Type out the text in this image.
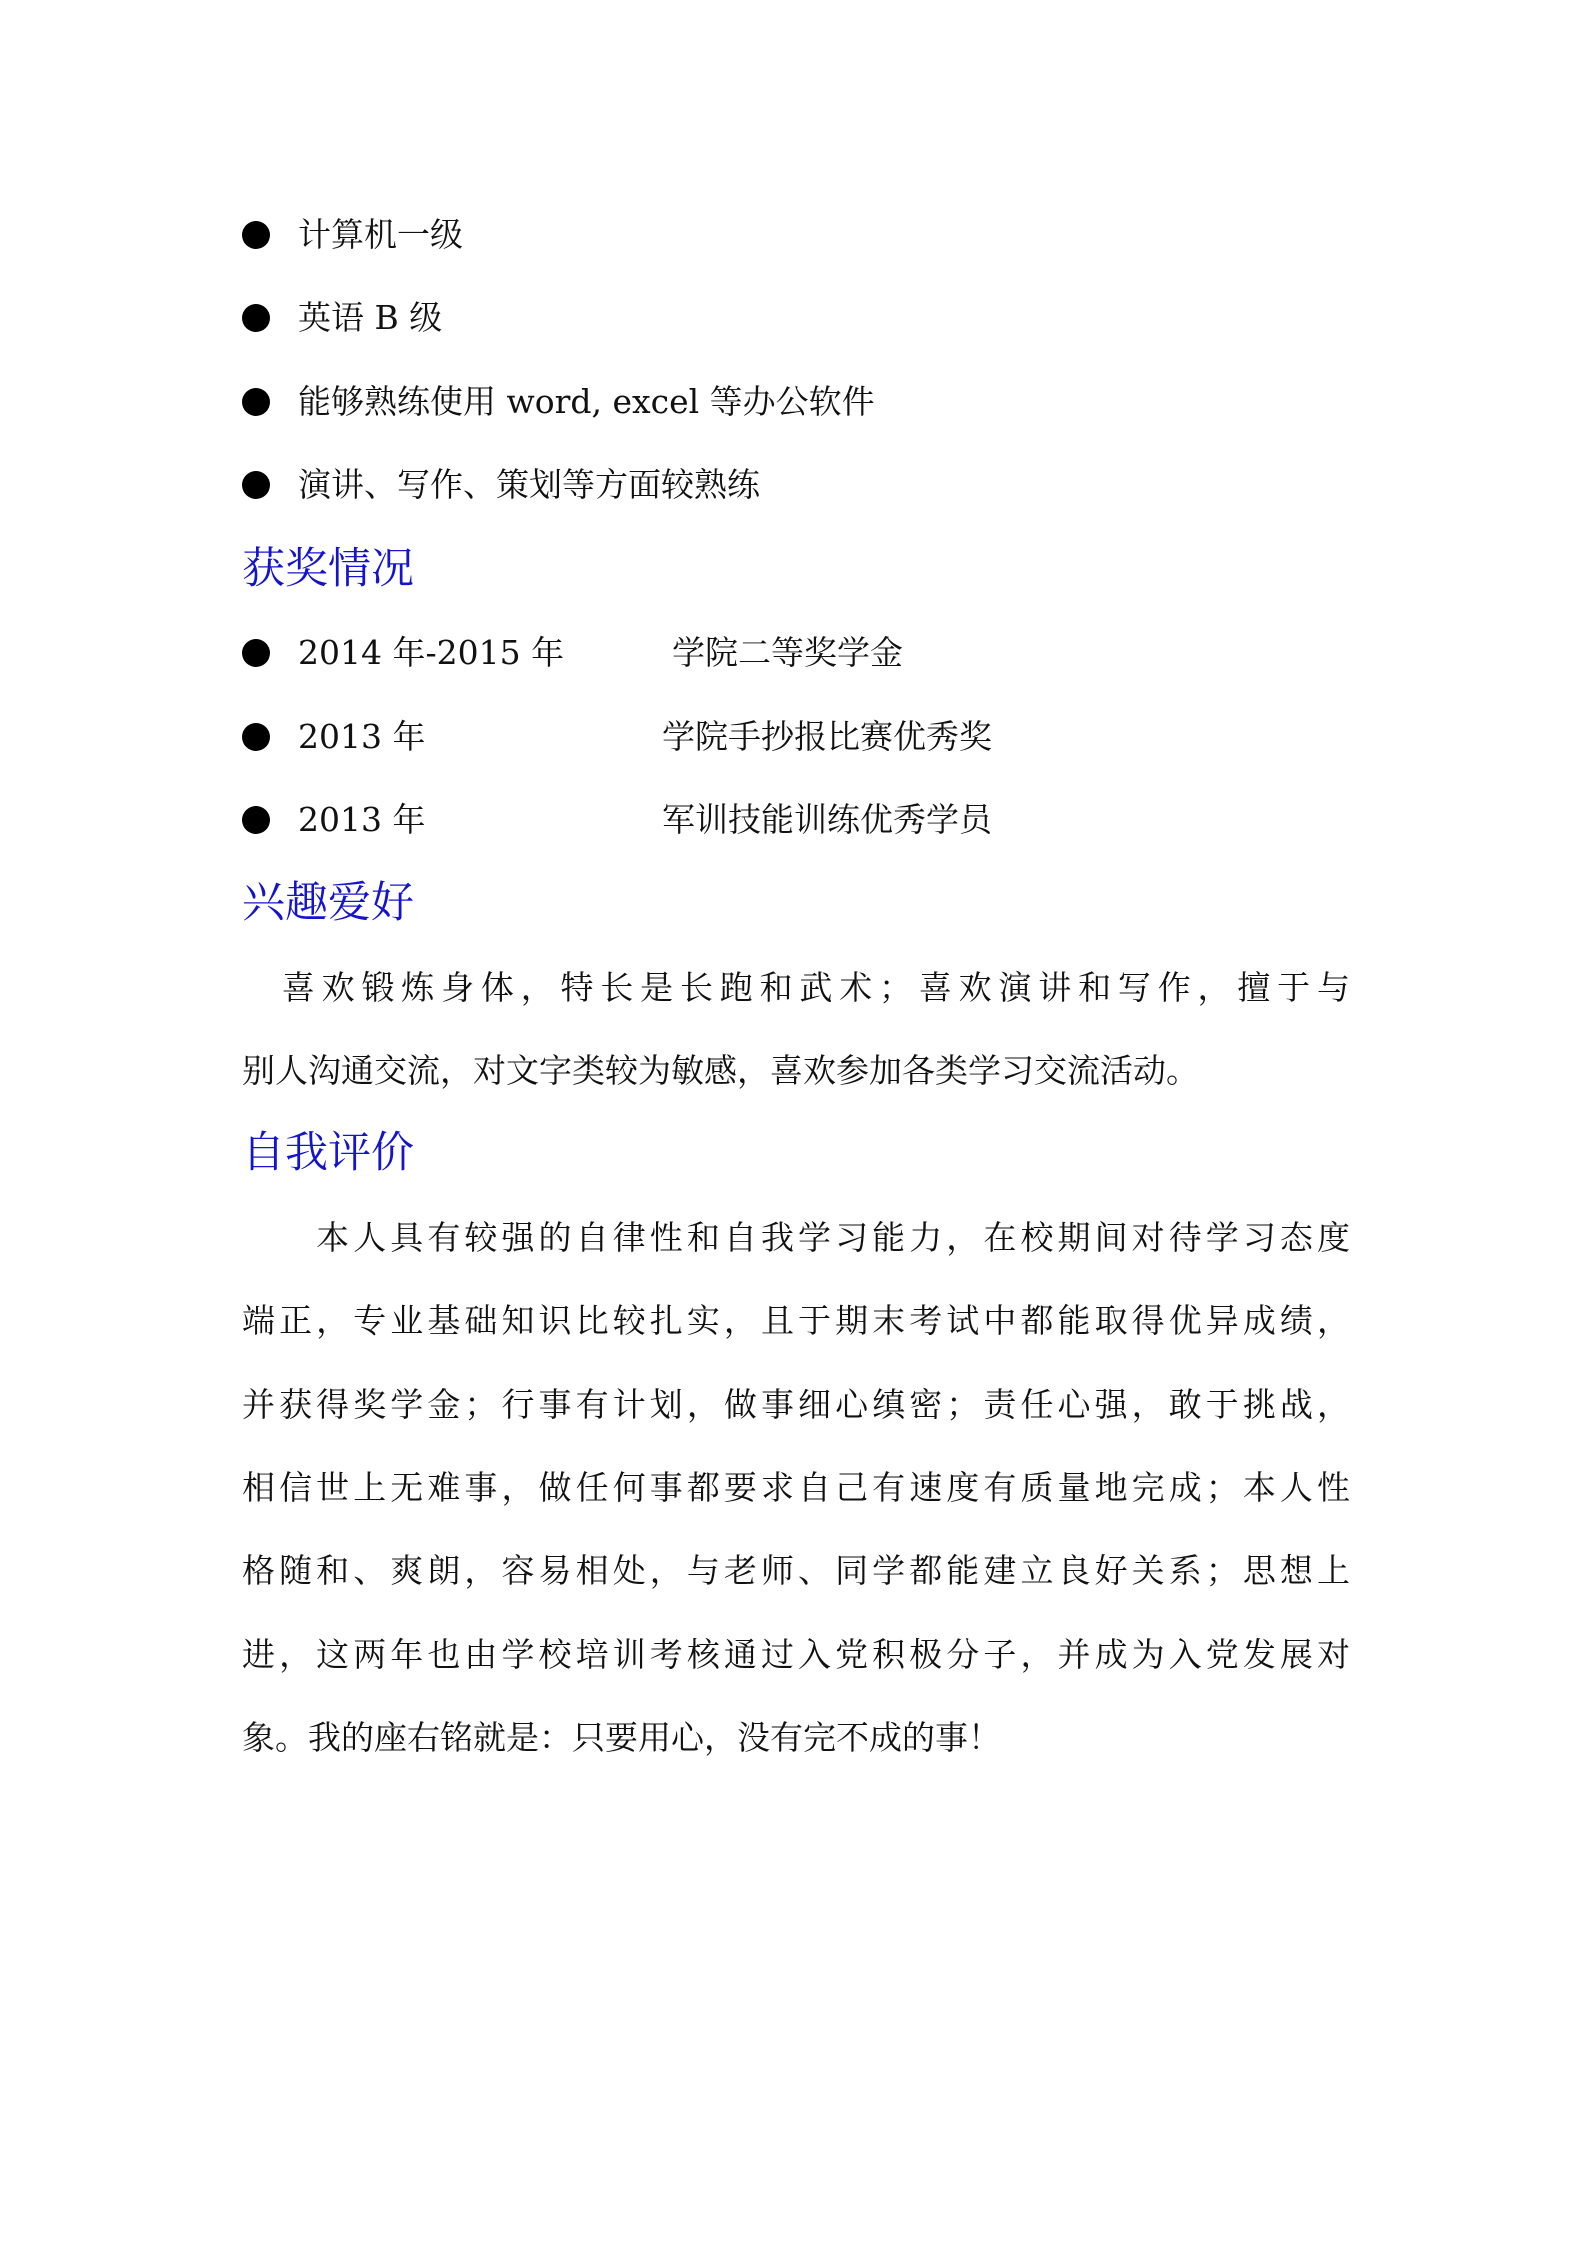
计算机一级
英语 B 级
能够熟练使用 word, excel 等办公软件
演讲、写作、策划等方面较熟练
获奖情况
2014 年-2015 年	学院二等奖学金
2013 年	学院手抄报比赛优秀奖
2013 年	军训技能训练优秀学员
兴趣爱好
　喜欢锻炼身体，特长是长跑和武术；喜欢演讲和写作，擅于与
别人沟通交流，对文字类较为敏感，喜欢参加各类学习交流活动。
自我评价
　　本人具有较强的自律性和自我学习能力，在校期间对待学习态度
端正，专业基础知识比较扎实，且于期末考试中都能取得优异成绩，
并获得奖学金；行事有计划，做事细心缜密；责任心强，敢于挑战，
相信世上无难事，做任何事都要求自己有速度有质量地完成；本人性
格随和、爽朗，容易相处，与老师、同学都能建立良好关系；思想上
进，这两年也由学校培训考核通过入党积极分子，并成为入党发展对
象。我的座右铭就是：只要用心，没有完不成的事！
